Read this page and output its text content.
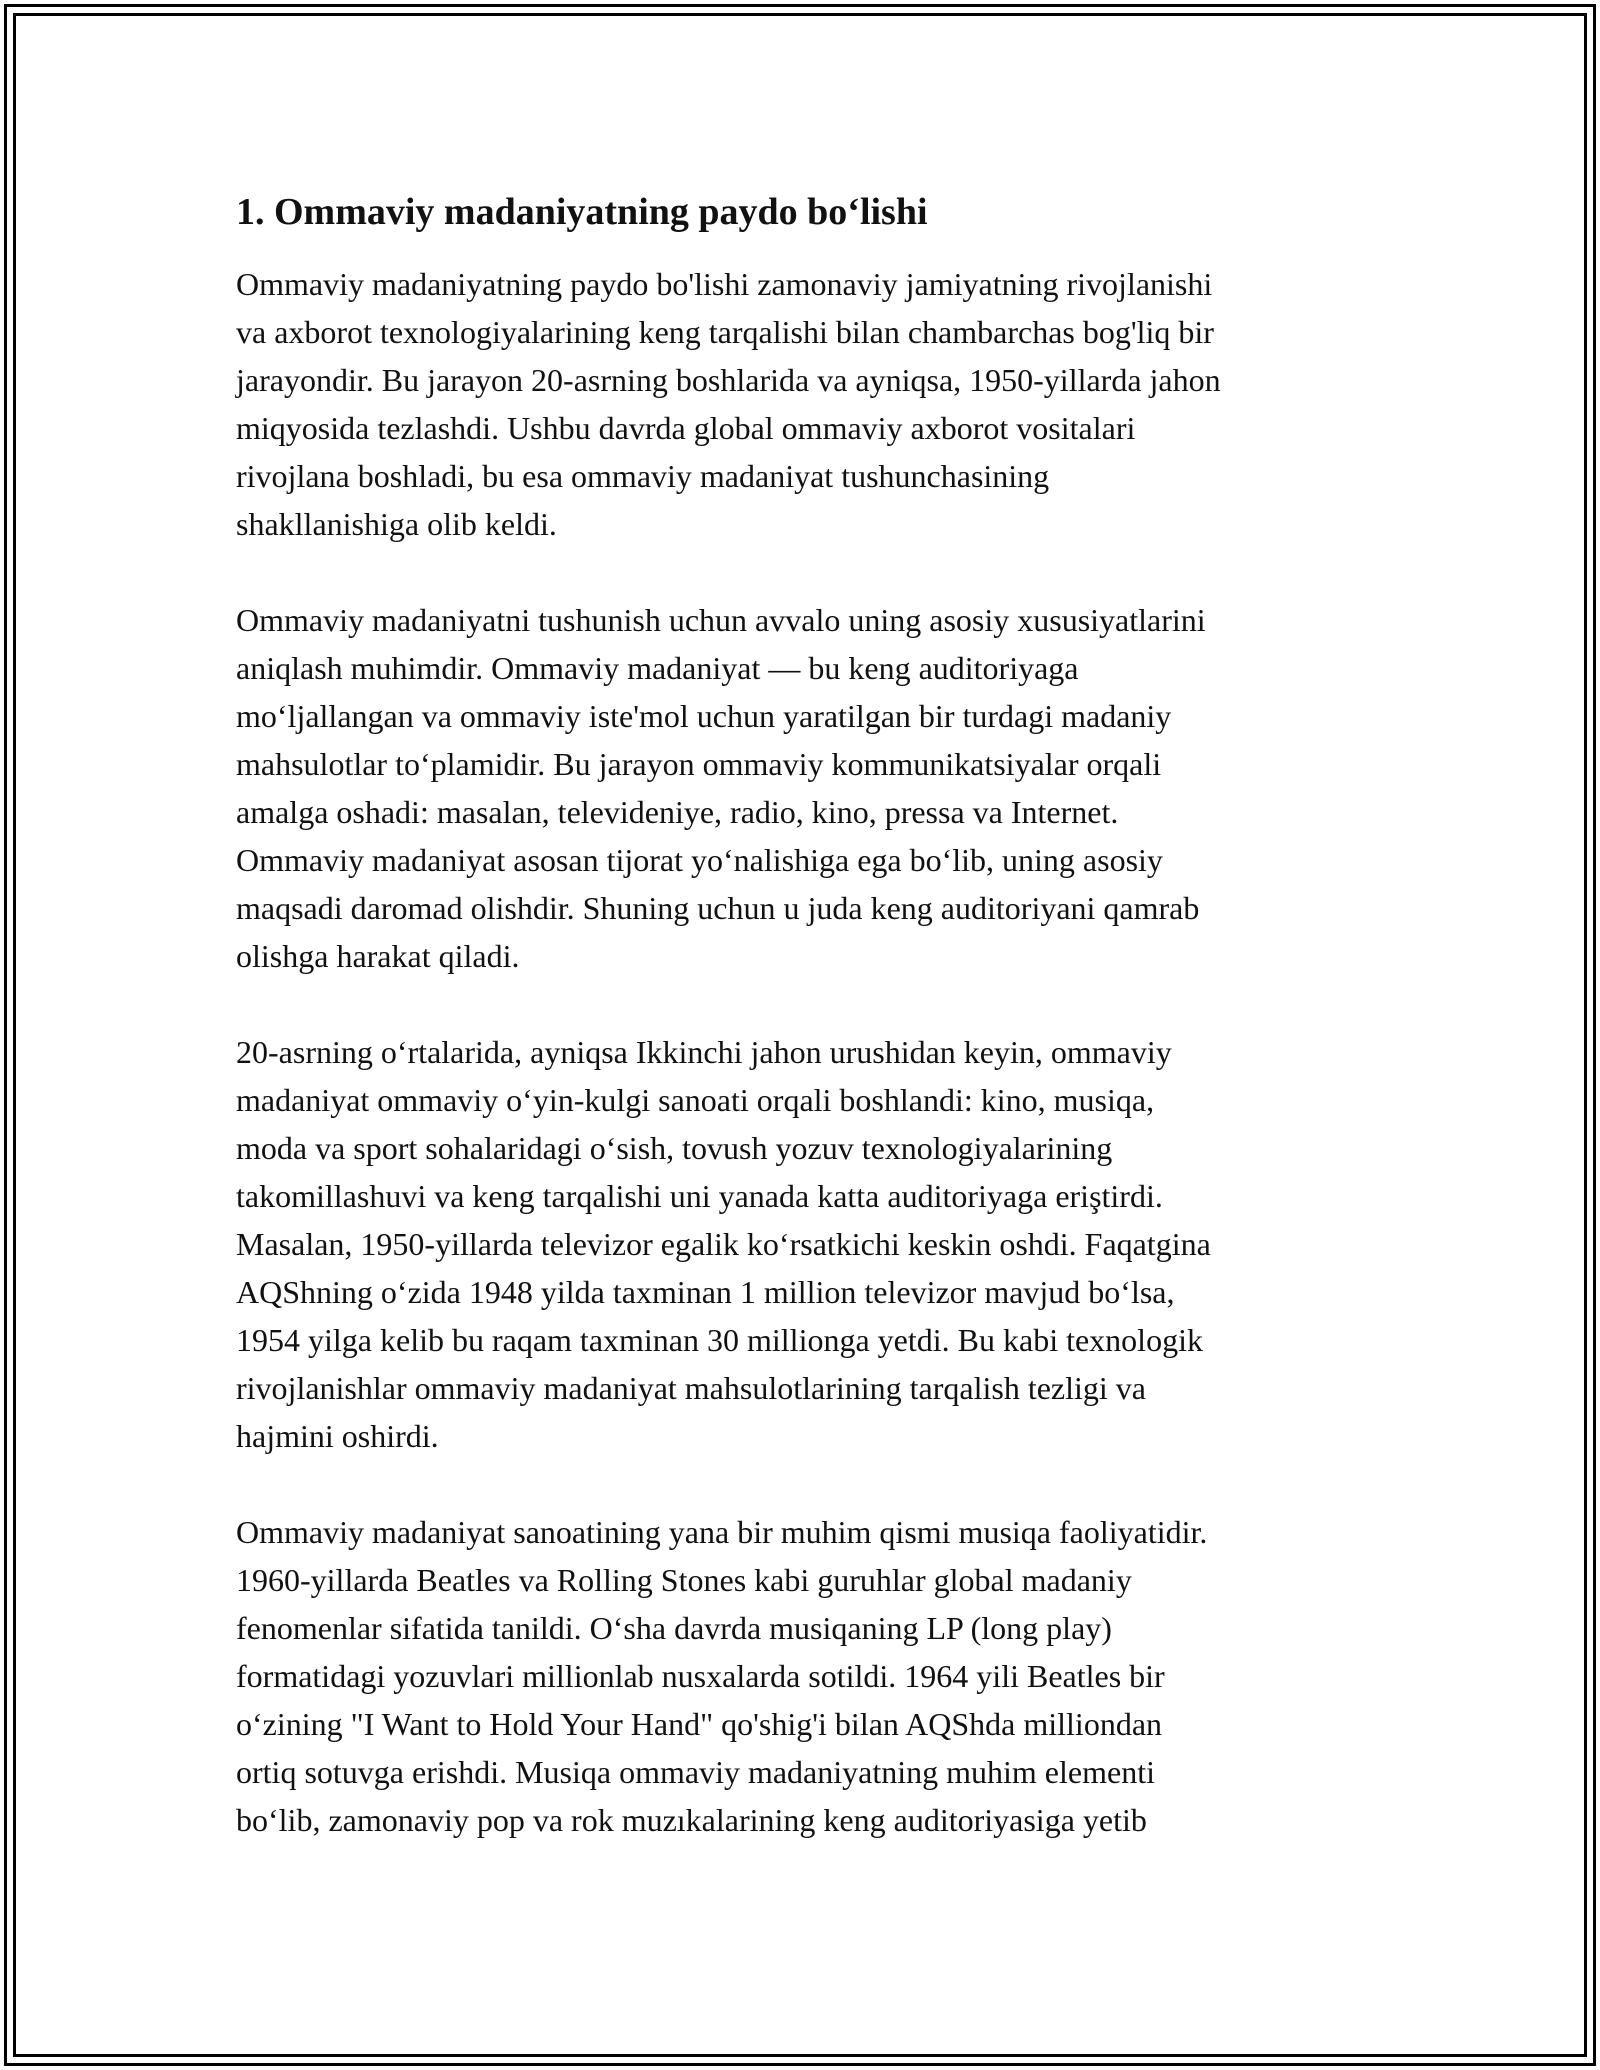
1. Ommaviy madaniyatning paydo bo‘lishi

Ommaviy madaniyatning paydo bo'lishi zamonaviy jamiyatning rivojlanishi
va axborot texnologiyalarining keng tarqalishi bilan chambarchas bog'liq bir
jarayondir. Bu jarayon 20-asrning boshlarida va ayniqsa, 1950-yillarda jahon
miqyosida tezlashdi. Ushbu davrda global ommaviy axborot vositalari
rivojlana boshladi, bu esa ommaviy madaniyat tushunchasining
shakllanishiga olib keldi.

Ommaviy madaniyatni tushunish uchun avvalo uning asosiy xususiyatlarini
aniqlash muhimdir. Ommaviy madaniyat — bu keng auditoriyaga
mo‘ljallangan va ommaviy iste'mol uchun yaratilgan bir turdagi madaniy
mahsulotlar to‘plamidir. Bu jarayon ommaviy kommunikatsiyalar orqali
amalga oshadi: masalan, televideniye, radio, kino, pressa va Internet.
Ommaviy madaniyat asosan tijorat yo‘nalishiga ega bo‘lib, uning asosiy
maqsadi daromad olishdir. Shuning uchun u juda keng auditoriyani qamrab
olishga harakat qiladi.

20-asrning o‘rtalarida, ayniqsa Ikkinchi jahon urushidan keyin, ommaviy
madaniyat ommaviy o‘yin-kulgi sanoati orqali boshlandi: kino, musiqa,
moda va sport sohalaridagi o‘sish, tovush yozuv texnologiyalarining
takomillashuvi va keng tarqalishi uni yanada katta auditoriyaga eriştirdi.
Masalan, 1950-yillarda televizor egalik ko‘rsatkichi keskin oshdi. Faqatgina
AQShning o‘zida 1948 yilda taxminan 1 million televizor mavjud bo‘lsa,
1954 yilga kelib bu raqam taxminan 30 millionga yetdi. Bu kabi texnologik
rivojlanishlar ommaviy madaniyat mahsulotlarining tarqalish tezligi va
hajmini oshirdi.

Ommaviy madaniyat sanoatining yana bir muhim qismi musiqa faoliyatidir.
1960-yillarda Beatles va Rolling Stones kabi guruhlar global madaniy
fenomenlar sifatida tanildi. O‘sha davrda musiqaning LP (long play)
formatidagi yozuvlari millionlab nusxalarda sotildi. 1964 yili Beatles bir
o‘zining "I Want to Hold Your Hand" qo'shig'i bilan AQShda milliondan
ortiq sotuvga erishdi. Musiqa ommaviy madaniyatning muhim elementi
bo‘lib, zamonaviy pop va rok muzıkalarining keng auditoriyasiga yetib
